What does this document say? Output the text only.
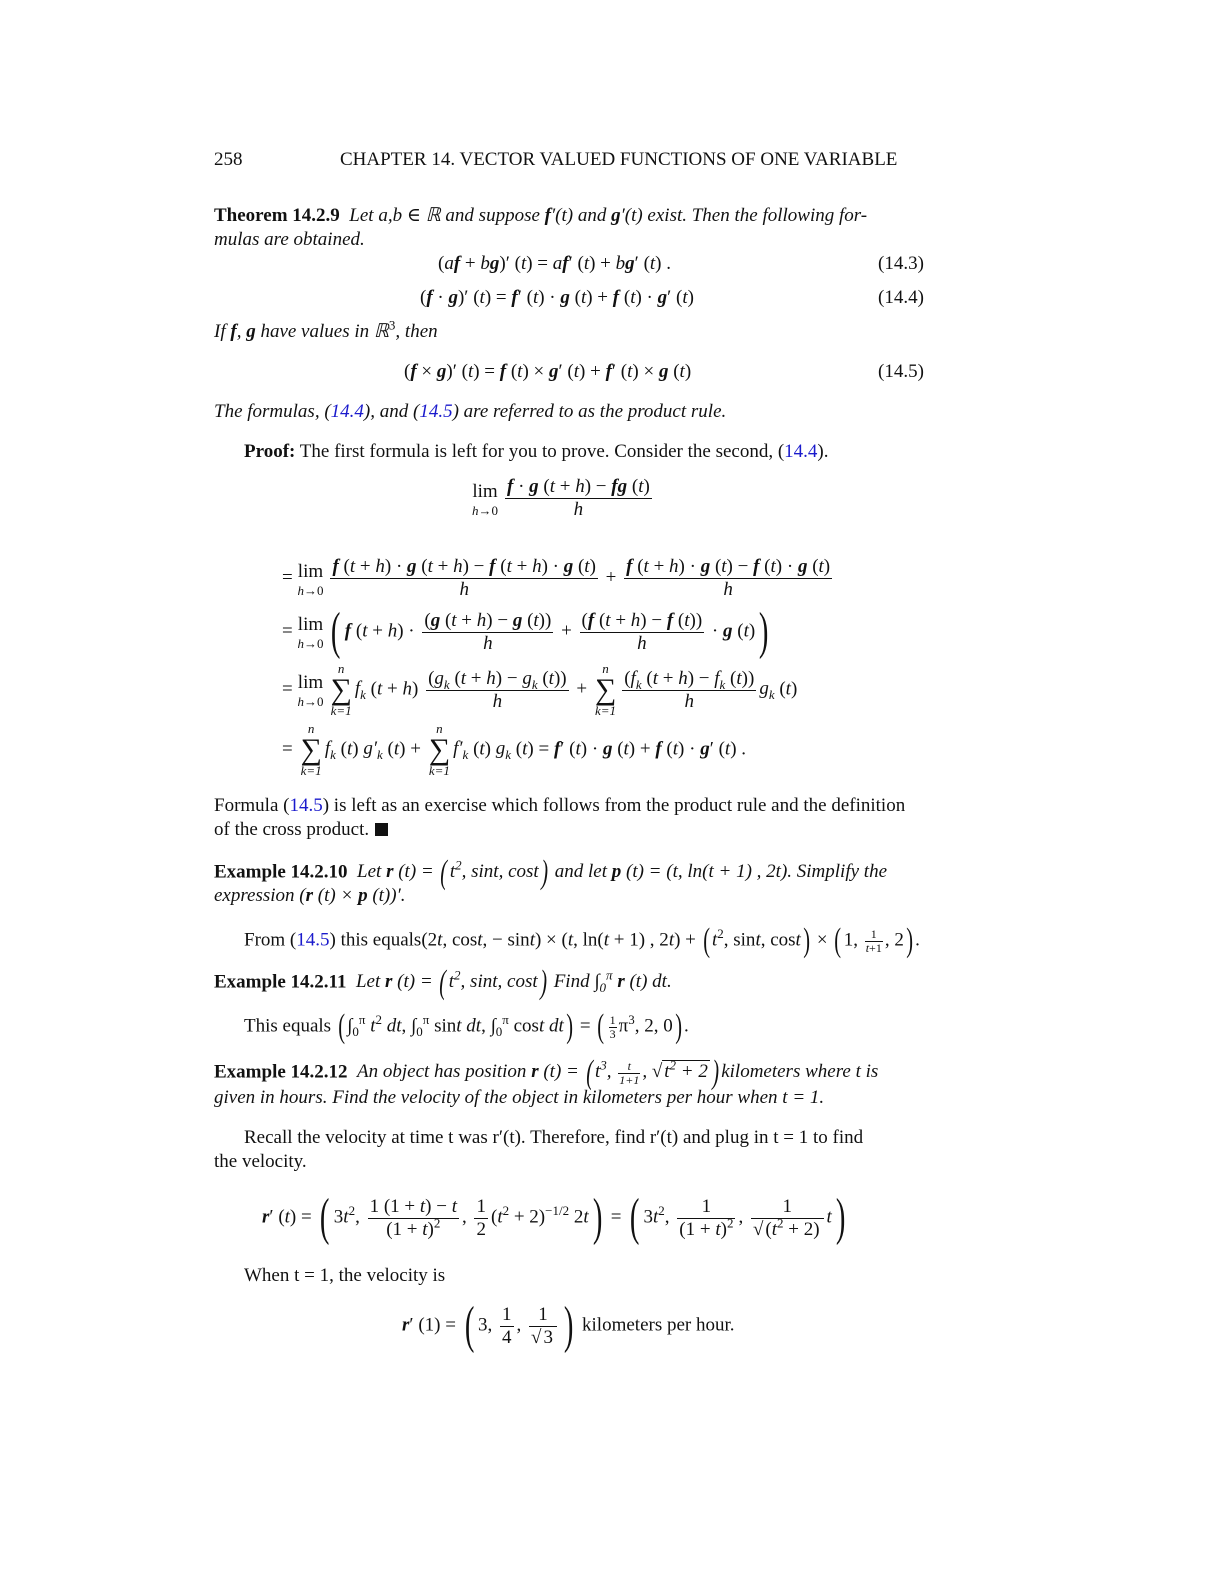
258	CHAPTER 14. VECTOR VALUED FUNCTIONS OF ONE VARIABLE
Theorem 14.2.9  Let a,b ∈ ℝ and suppose f′(t) and g′(t) exist. Then the following for-
mulas are obtained.
(af + bg)′ (t) = af′ (t) + bg′ (t) .	(14.3)
(f · g)′ (t) = f′ (t) · g (t) + f (t) · g′ (t)	(14.4)
If f, g have values in ℝ$^3$, then
(f × g)′ (t) = f (t) × g′ (t) + f′ (t) × g (t)	(14.5)
The formulas, (14.4), and (14.5) are referred to as the product rule.
Proof: The first formula is left for you to prove. Consider the second, (14.4).
lim
$h\to 0 \frac{f \cdot g (t + h) - fg (t)}{h}$
= lim
$h\to 0 \frac{f (t + h) \cdot g (t + h) - f (t + h) \cdot g (t)}{h} + \frac{f (t + h) \cdot g (t) - f (t) \cdot g (t)}{h}$
= lim
h→0 ( f $(t + h) \cdot \frac{(g (t + h) - g (t))}{h} + \frac{(f (t + h) - f (t))}{h} \cdot g$ (t))
= lim
h→0
n
∑
k=1
$f_k$ $(t + h) \frac{(g_k (t + h) - g_k (t))}{h}$ +
n
∑
$k=1 \frac{(f_k (t + h) - f_k (t))}{h} g_k$ (t)
=
n
∑
k=1
$f_k$ (t) $g'_k$ (t) +
n
∑
k=1
$f'_k$ (t) $g_k$ (t) = f′ (t) · g (t) + f (t) · g′ (t) .
Formula (14.5) is left as an exercise which follows from the product rule and the definition
of the cross product.
Example 14.2.10  Let r (t) = ( $t^2$, sint, cost) and let p (t) = (t, ln(t + 1) , 2t). Simplify the
expression (r (t) × p (t))′.
From (14.5) this equals(2t, cost, − sint) × (t, ln(t + 1) , 2t) + ( $t^2$, sint, cost) × ( 1, $\frac{1}{t+1}$ , 2) .
Example 14.2.11  Let r (t) = ( $t^2$, sint, cost) Find $\int_0^\pi$ r (t) dt.
This equals ( $\int_0^\pi$ $t^2$ dt, $\int_0^\pi$ sint dt, $\int_0^\pi$ cost dt) = ( $\frac{1}{3} \pi^3$, 2, 0) .
Example 14.2.12 An object has position r (t) = ( $t^3$, $\frac{t}{1+1}$ , √ $t^2 + 2$ ) kilometers where t is
given in hours. Find the velocity of the object in kilometers per hour when t = 1.
Recall the velocity at time t was r′(t). Therefore, find r′(t) and plug in t = 1 to find
the velocity.
r′ (t) = ( $3t^2$, $\frac{1 (1 + t) - t}{(1 + t)^2}$ , $\frac{1}{2} (t^2 + 2)^{-1/2}$ 2t) = ( $3t^2$, $\frac{1}{(1 + t)^2}$ , $\frac{1}{√ (t^2 + 2)} t$)
When t = 1, the velocity is
r′ (1) = ( 3, $\frac{1}{4}$ , $\frac{1}{√ 3}$ ) kilometers per hour.
